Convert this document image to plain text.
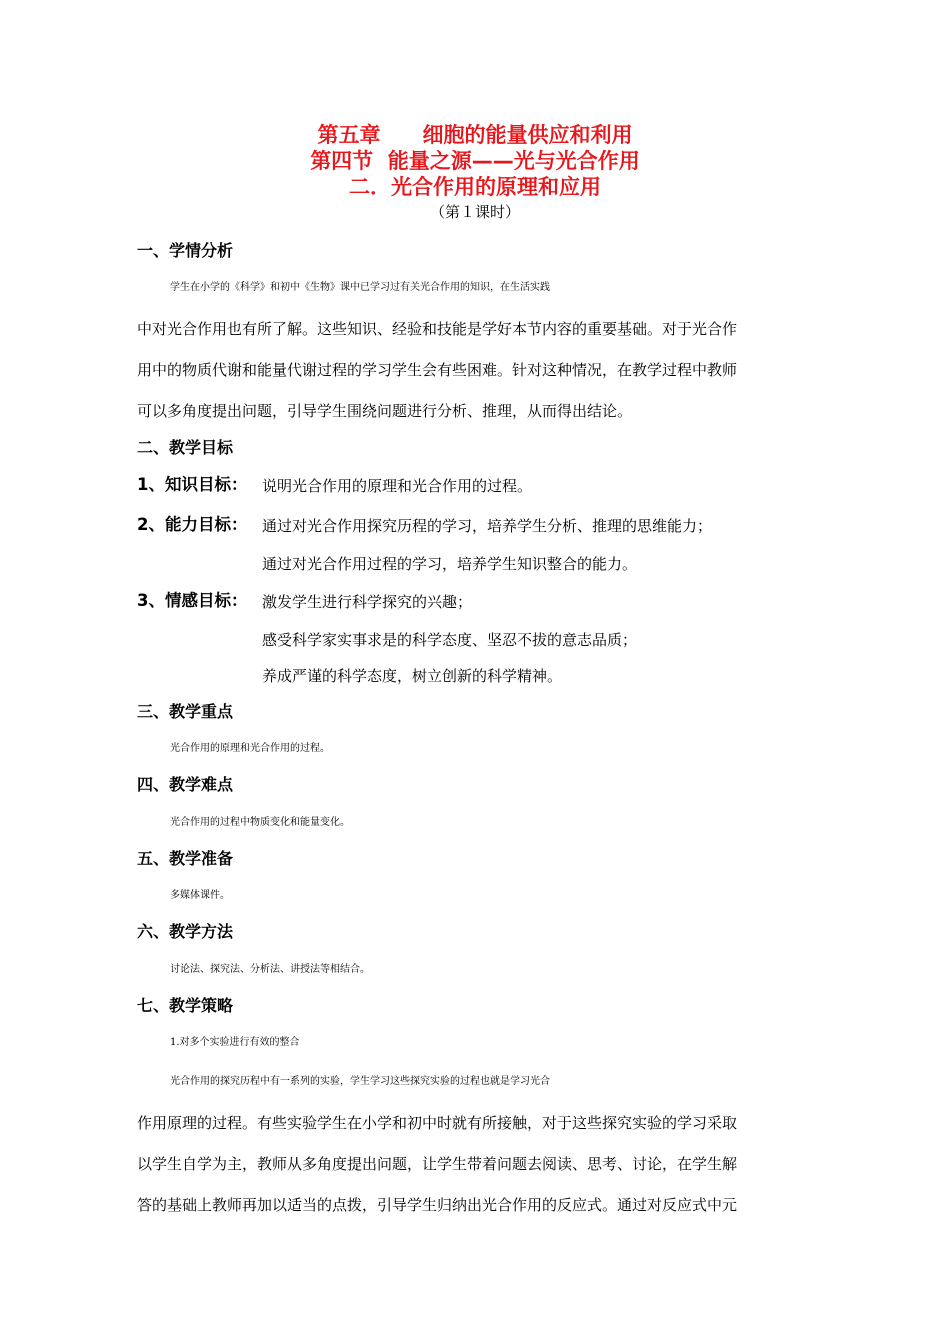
第五章　　细胞的能量供应和利用
第四节  能量之源——光与光合作用
二．光合作用的原理和应用
（第１课时）
一、学情分析
学生在小学的《科学》和初中《生物》课中已学习过有关光合作用的知识，在生活实践
中对光合作用也有所了解。这些知识、经验和技能是学好本节内容的重要基础。对于光合作
用中的物质代谢和能量代谢过程的学习学生会有些困难。针对这种情况，在教学过程中教师
可以多角度提出问题，引导学生围绕问题进行分析、推理，从而得出结论。
二、教学目标
1、知识目标： 说明光合作用的原理和光合作用的过程。
2、能力目标： 通过对光合作用探究历程的学习，培养学生分析、推理的思维能力；
通过对光合作用过程的学习，培养学生知识整合的能力。
3、情感目标： 激发学生进行科学探究的兴趣；
感受科学家实事求是的科学态度、坚忍不拔的意志品质；
养成严谨的科学态度，树立创新的科学精神。
三、教学重点
光合作用的原理和光合作用的过程。
四、教学难点
光合作用的过程中物质变化和能量变化。
五、教学准备
多媒体课件。
六、教学方法
讨论法、探究法、分析法、讲授法等相结合。
七、教学策略
1.对多个实验进行有效的整合
光合作用的探究历程中有一系列的实验，学生学习这些探究实验的过程也就是学习光合
作用原理的过程。有些实验学生在小学和初中时就有所接触，对于这些探究实验的学习采取
以学生自学为主，教师从多角度提出问题，让学生带着问题去阅读、思考、讨论，在学生解
答的基础上教师再加以适当的点拨，引导学生归纳出光合作用的反应式。通过对反应式中元
